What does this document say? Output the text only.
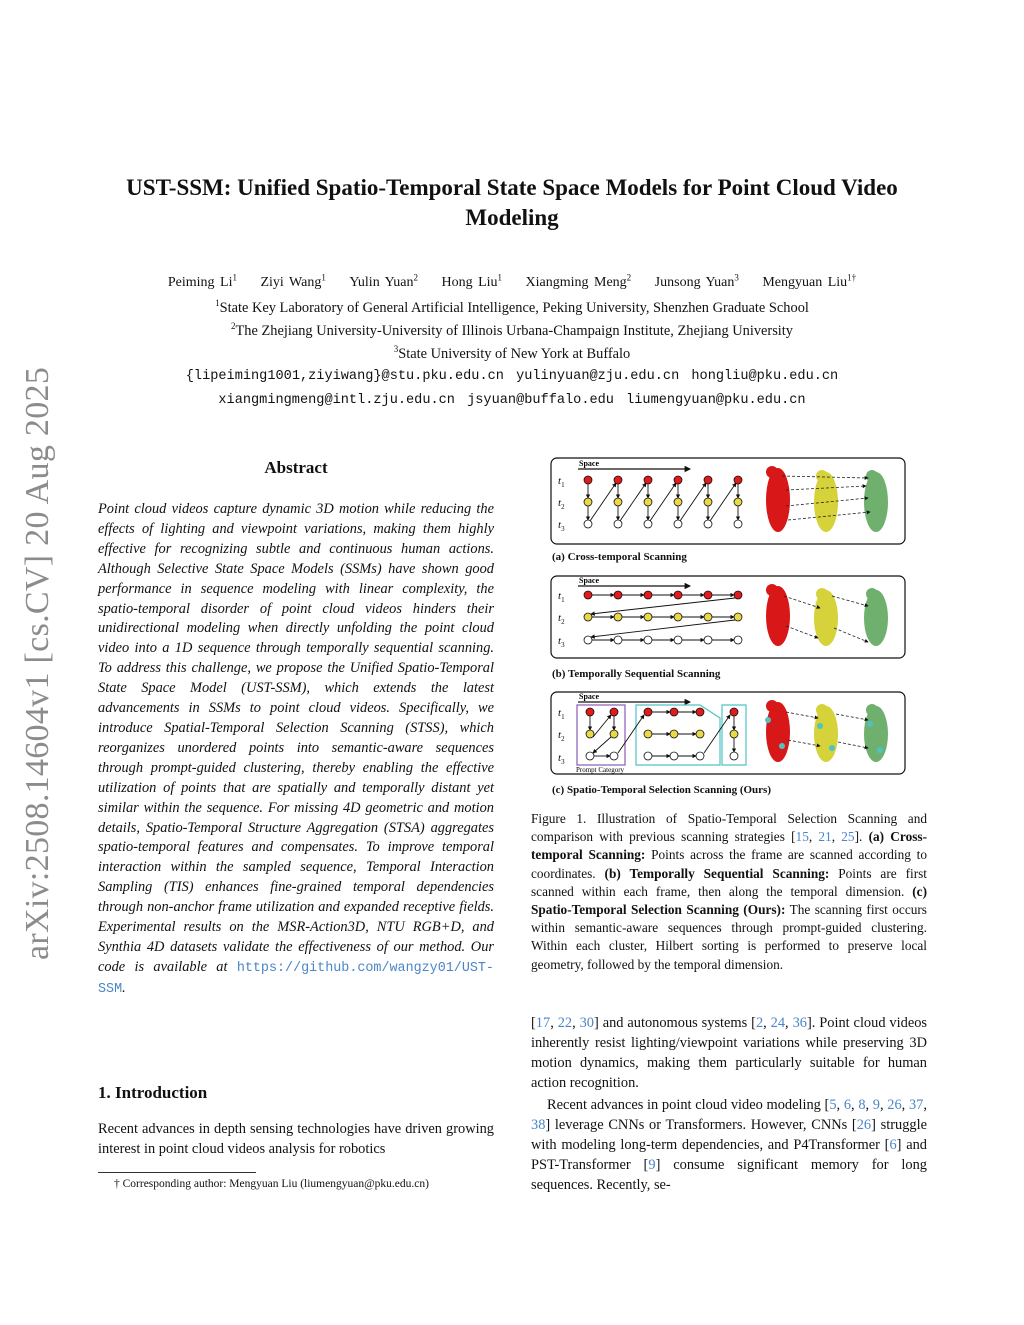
arXiv:2508.14604v1 [cs.CV] 20 Aug 2025
UST-SSM: Unified Spatio-Temporal State Space Models for Point Cloud Video
Modeling
Peiming Li$^1$ Ziyi Wang$^1$ Yulin Yuan$^2$ Hong Liu$^1$ Xiangming Meng$^2$ Junsong Yuan$^3$ Mengyuan Liu$^{1\dagger}$
$^1$State Key Laboratory of General Artificial Intelligence, Peking University, Shenzhen Graduate School
$^2$The Zhejiang University-University of Illinois Urbana-Champaign Institute, Zhejiang University
$^3$State University of New York at Buffalo
{lipeiming1001,ziyiwang}@stu.pku.edu.cn yulinyuan@zju.edu.cn hongliu@pku.edu.cn
xiangmingmeng@intl.zju.edu.cn jsyuan@buffalo.edu liumengyuan@pku.edu.cn
Abstract
Point cloud videos capture dynamic 3D motion while reducing the effects of lighting and viewpoint variations, making them highly effective for recognizing subtle and continuous human actions. Although Selective State Space Models (SSMs) have shown good performance in sequence modeling with linear complexity, the spatio-temporal disorder of point cloud videos hinders their unidirectional modeling when directly unfolding the point cloud video into a 1D sequence through temporally sequential scanning. To address this challenge, we propose the Unified Spatio-Temporal State Space Model (UST-SSM), which extends the latest advancements in SSMs to point cloud videos. Specifically, we introduce Spatial-Temporal Selection Scanning (STSS), which reorganizes unordered points into semantic-aware sequences through prompt-guided clustering, thereby enabling the effective utilization of points that are spatially and temporally distant yet similar within the sequence. For missing 4D geometric and motion details, Spatio-Temporal Structure Aggregation (STSA) aggregates spatio-temporal features and compensates. To improve temporal interaction within the sampled sequence, Temporal Interaction Sampling (TIS) enhances fine-grained temporal dependencies through non-anchor frame utilization and expanded receptive fields. Experimental results on the MSR-Action3D, NTU RGB+D, and Synthia 4D datasets validate the effectiveness of our method. Our code is available at https://github.com/wangzy01/UST-SSM.
1. Introduction
Recent advances in depth sensing technologies have driven growing interest in point cloud videos analysis for robotics
† Corresponding author: Mengyuan Liu (liumengyuan@pku.edu.cn)
Space
$t_1$
$t_2$
$t_3$
(a) Cross-temporal Scanning
Space
$t_1$
$t_2$
$t_3$
(b) Temporally Sequential Scanning
Space
$t_1$
$t_2$
$t_3$
Prompt Category
(c) Spatio-Temporal Selection Scanning (Ours)
Figure 1. Illustration of Spatio-Temporal Selection Scanning and comparison with previous scanning strategies [15, 21, 25]. (a) Cross-temporal Scanning: Points across the frame are scanned according to coordinates. (b) Temporally Sequential Scanning: Points are first scanned within each frame, then along the temporal dimension. (c) Spatio-Temporal Selection Scanning (Ours): The scanning first occurs within semantic-aware sequences through prompt-guided clustering. Within each cluster, Hilbert sorting is performed to preserve local geometry, followed by the temporal dimension.
[17, 22, 30] and autonomous systems [2, 24, 36]. Point cloud videos inherently resist lighting/viewpoint variations while preserving 3D motion dynamics, making them particularly suitable for human action recognition.
Recent advances in point cloud video modeling [5, 6, 8, 9, 26, 37, 38] leverage CNNs or Transformers. However, CNNs [26] struggle with modeling long-term dependencies, and P4Transformer [6] and PST-Transformer [9] consume significant memory for long sequences. Recently, se-
